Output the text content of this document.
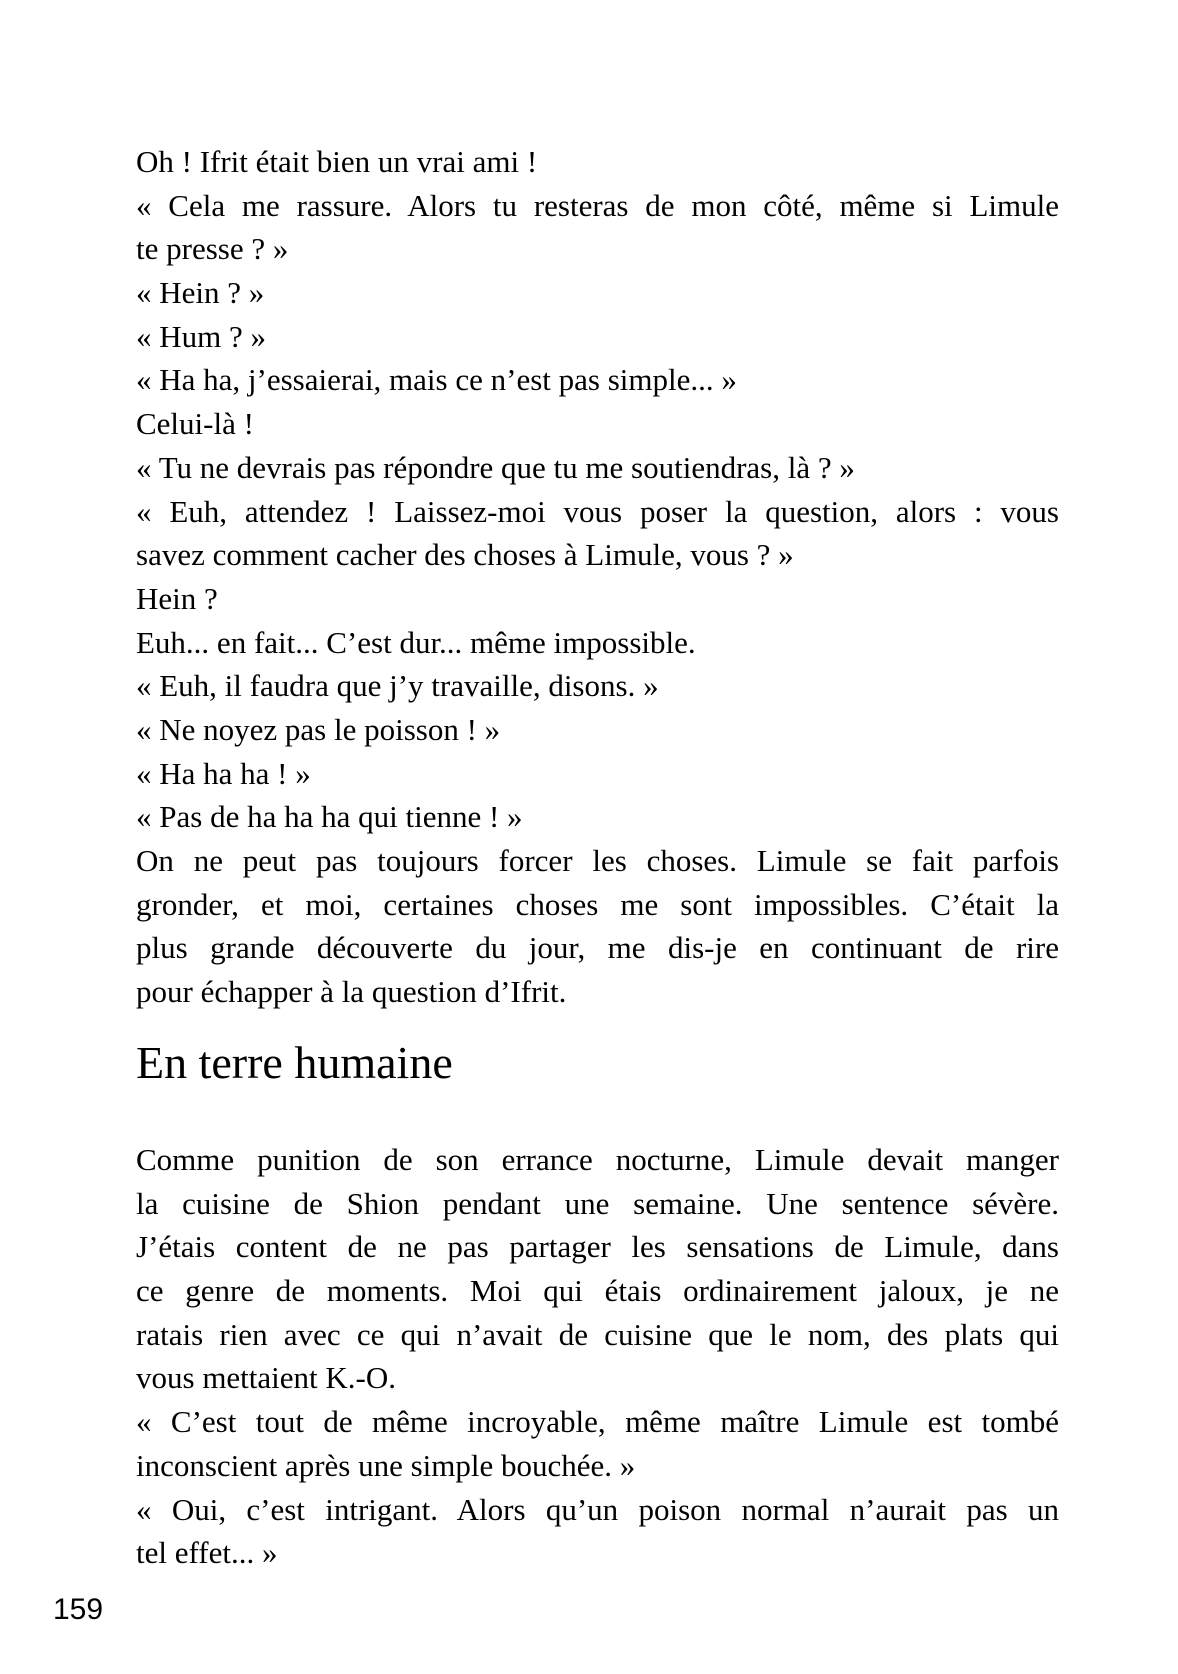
Oh ! Ifrit était bien un vrai ami !
« Cela me rassure. Alors tu resteras de mon côté, même si Limule
te presse ? »
« Hein ? »
« Hum ? »
« Ha ha, j’essaierai, mais ce n’est pas simple... »
Celui-là !
« Tu ne devrais pas répondre que tu me soutiendras, là ? »
« Euh, attendez ! Laissez-moi vous poser la question, alors : vous
savez comment cacher des choses à Limule, vous ? »
Hein ?
Euh... en fait... C’est dur... même impossible.
« Euh, il faudra que j’y travaille, disons. »
« Ne noyez pas le poisson ! »
« Ha ha ha ! »
« Pas de ha ha ha qui tienne ! »
On ne peut pas toujours forcer les choses. Limule se fait parfois
gronder, et moi, certaines choses me sont impossibles. C’était la
plus grande découverte du jour, me dis-je en continuant de rire
pour échapper à la question d’Ifrit.
En terre humaine
Comme punition de son errance nocturne, Limule devait manger
la cuisine de Shion pendant une semaine. Une sentence sévère.
J’étais content de ne pas partager les sensations de Limule, dans
ce genre de moments. Moi qui étais ordinairement jaloux, je ne
ratais rien avec ce qui n’avait de cuisine que le nom, des plats qui
vous mettaient K.-O.
« C’est tout de même incroyable, même maître Limule est tombé
inconscient après une simple bouchée. »
« Oui, c’est intrigant. Alors qu’un poison normal n’aurait pas un
tel effet... »
159
